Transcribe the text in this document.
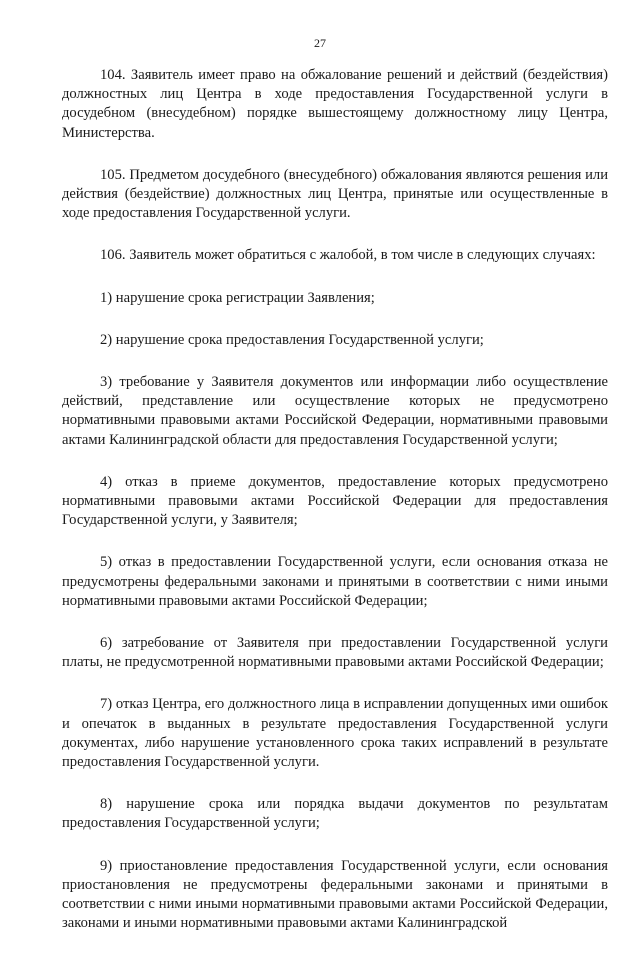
27

104. Заявитель имеет право на обжалование решений и действий (бездействия) должностных лиц Центра в ходе предоставления Государственной услуги в досудебном (внесудебном) порядке вышестоящему должностному лицу Центра, Министерства.

105. Предметом досудебного (внесудебного) обжалования являются решения или действия (бездействие) должностных лиц Центра, принятые или осуществленные в ходе предоставления Государственной услуги.

106. Заявитель может обратиться с жалобой, в том числе в следующих случаях:

1) нарушение срока регистрации Заявления;

2) нарушение срока предоставления Государственной услуги;

3) требование у Заявителя документов или информации либо осуществление действий, представление или осуществление которых не предусмотрено нормативными правовыми актами Российской Федерации, нормативными правовыми актами Калининградской области для предоставления Государственной услуги;

4) отказ в приеме документов, предоставление которых предусмотрено нормативными правовыми актами Российской Федерации для предоставления Государственной услуги, у Заявителя;

5) отказ в предоставлении Государственной услуги, если основания отказа не предусмотрены федеральными законами и принятыми в соответствии с ними иными нормативными правовыми актами Российской Федерации;

6) затребование от Заявителя при предоставлении Государственной услуги платы, не предусмотренной нормативными правовыми актами Российской Федерации;

7) отказ Центра, его должностного лица в исправлении допущенных ими ошибок и опечаток в выданных в результате предоставления Государственной услуги документах, либо нарушение установленного срока таких исправлений в результате предоставления Государственной услуги.

8) нарушение срока или порядка выдачи документов по результатам предоставления Государственной услуги;

9) приостановление предоставления Государственной услуги, если основания приостановления не предусмотрены федеральными законами и принятыми в соответствии с ними иными нормативными правовыми актами Российской Федерации, законами и иными нормативными правовыми актами Калининградской
